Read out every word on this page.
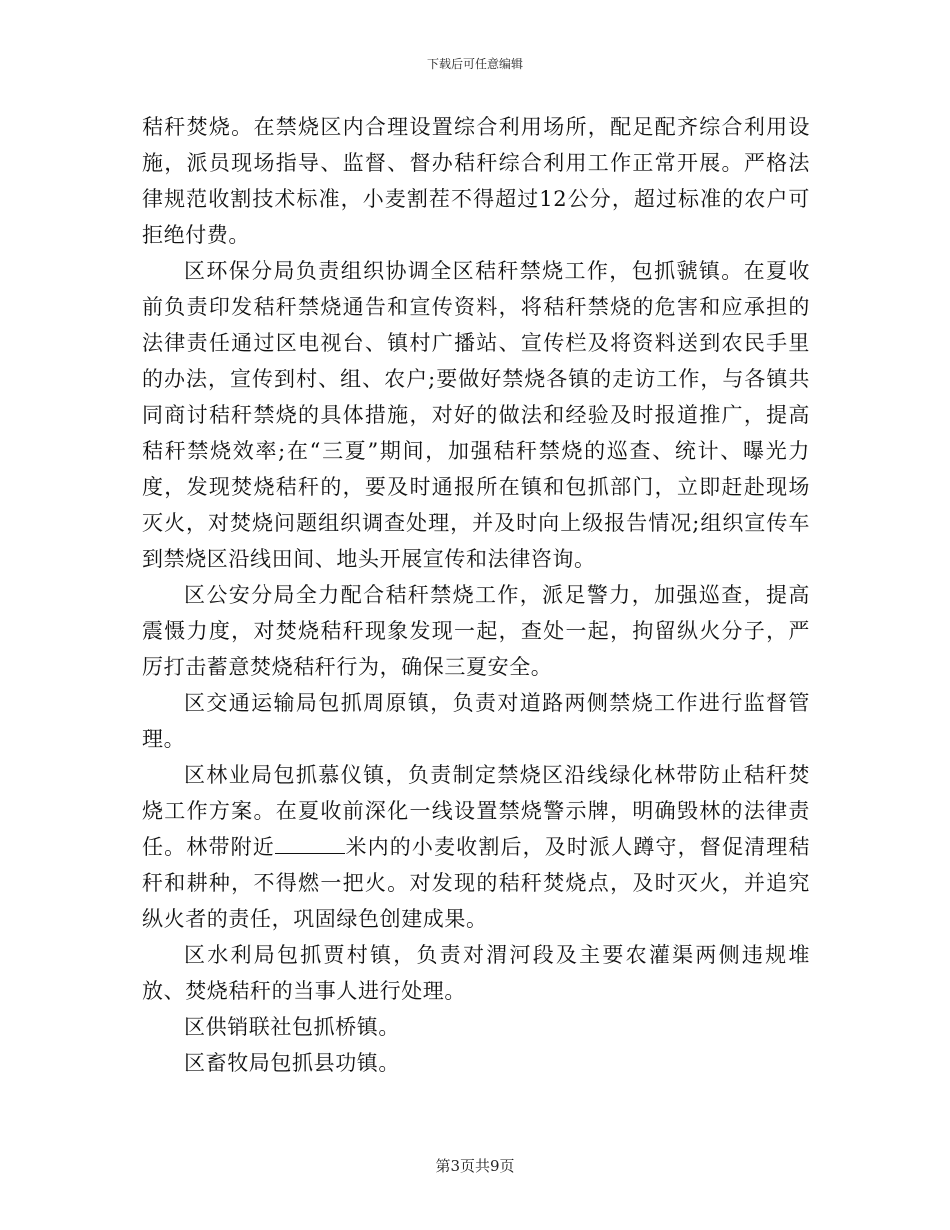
下载后可任意编辑

秸秆焚烧。在禁烧区内合理设置综合利用场所，配足配齐综合利用设施，派员现场指导、监督、督办秸秆综合利用工作正常开展。严格法律规范收割技术标准，小麦割茬不得超过12公分，超过标准的农户可拒绝付费。

区环保分局负责组织协调全区秸秆禁烧工作，包抓虢镇。在夏收前负责印发秸秆禁烧通告和宣传资料，将秸秆禁烧的危害和应承担的法律责任通过区电视台、镇村广播站、宣传栏及将资料送到农民手里的办法，宣传到村、组、农户;要做好禁烧各镇的走访工作，与各镇共同商讨秸秆禁烧的具体措施，对好的做法和经验及时报道推广，提高秸秆禁烧效率;在“三夏”期间，加强秸秆禁烧的巡查、统计、曝光力度，发现焚烧秸秆的，要及时通报所在镇和包抓部门，立即赶赴现场灭火，对焚烧问题组织调查处理，并及时向上级报告情况;组织宣传车到禁烧区沿线田间、地头开展宣传和法律咨询。

区公安分局全力配合秸秆禁烧工作，派足警力，加强巡查，提高震慑力度，对焚烧秸秆现象发现一起，查处一起，拘留纵火分子，严厉打击蓄意焚烧秸秆行为，确保三夏安全。

区交通运输局包抓周原镇，负责对道路两侧禁烧工作进行监督管理。

区林业局包抓慕仪镇，负责制定禁烧区沿线绿化林带防止秸秆焚烧工作方案。在夏收前深化一线设置禁烧警示牌，明确毁林的法律责任。林带附近	米内的小麦收割后，及时派人蹲守，督促清理秸秆和耕种，不得燃一把火。对发现的秸秆焚烧点，及时灭火，并追究纵火者的责任，巩固绿色创建成果。

区水利局包抓贾村镇，负责对渭河段及主要农灌渠两侧违规堆放、焚烧秸秆的当事人进行处理。

区供销联社包抓桥镇。

区畜牧局包抓县功镇。

第3页共9页
